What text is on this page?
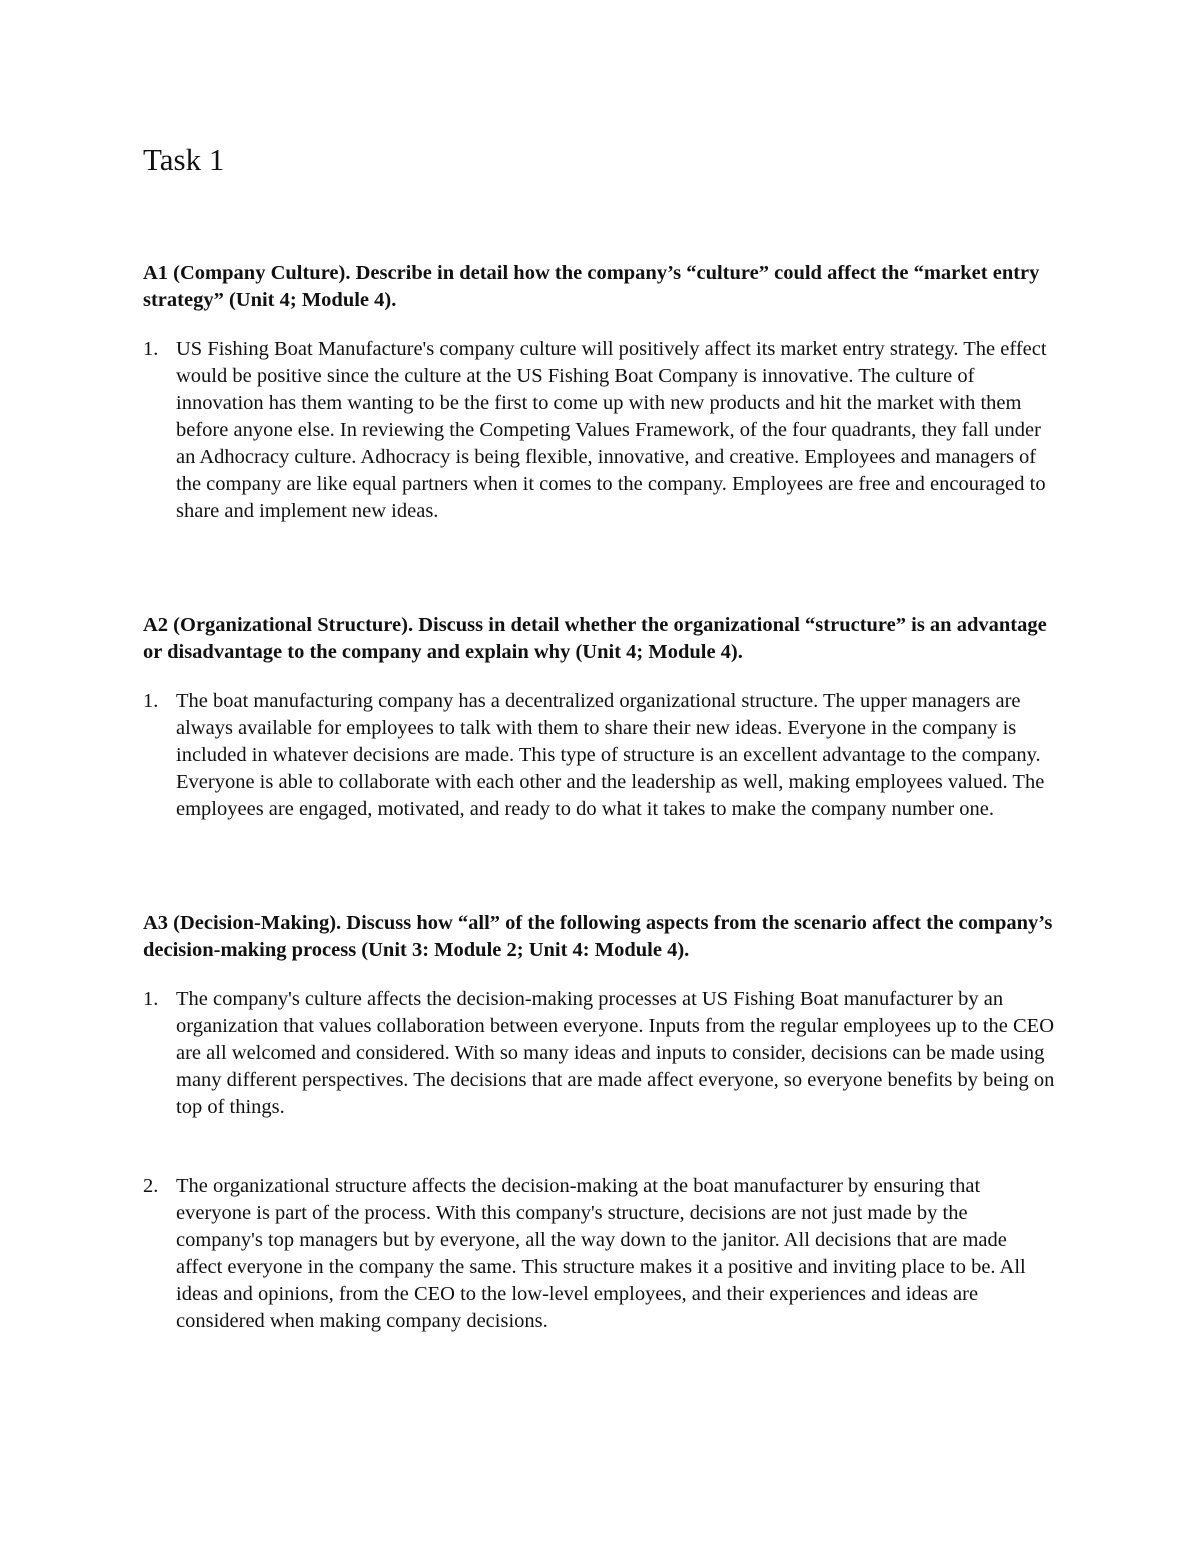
Task 1

A1 (Company Culture). Describe in detail how the company’s “culture” could affect the “market entry strategy” (Unit 4; Module 4).

1. US Fishing Boat Manufacture's company culture will positively affect its market entry strategy. The effect would be positive since the culture at the US Fishing Boat Company is innovative. The culture of innovation has them wanting to be the first to come up with new products and hit the market with them before anyone else. In reviewing the Competing Values Framework, of the four quadrants, they fall under an Adhocracy culture. Adhocracy is being flexible, innovative, and creative. Employees and managers of the company are like equal partners when it comes to the company. Employees are free and encouraged to share and implement new ideas.

A2 (Organizational Structure). Discuss in detail whether the organizational “structure” is an advantage or disadvantage to the company and explain why (Unit 4; Module 4).

1. The boat manufacturing company has a decentralized organizational structure. The upper managers are always available for employees to talk with them to share their new ideas. Everyone in the company is included in whatever decisions are made. This type of structure is an excellent advantage to the company. Everyone is able to collaborate with each other and the leadership as well, making employees valued. The employees are engaged, motivated, and ready to do what it takes to make the company number one.

A3 (Decision-Making). Discuss how “all” of the following aspects from the scenario affect the company’s decision-making process (Unit 3: Module 2; Unit 4: Module 4).

1. The company's culture affects the decision-making processes at US Fishing Boat manufacturer by an organization that values collaboration between everyone. Inputs from the regular employees up to the CEO are all welcomed and considered. With so many ideas and inputs to consider, decisions can be made using many different perspectives. The decisions that are made affect everyone, so everyone benefits by being on top of things.

2. The organizational structure affects the decision-making at the boat manufacturer by ensuring that everyone is part of the process. With this company's structure, decisions are not just made by the company's top managers but by everyone, all the way down to the janitor. All decisions that are made affect everyone in the company the same. This structure makes it a positive and inviting place to be. All ideas and opinions, from the CEO to the low-level employees, and their experiences and ideas are considered when making company decisions.
